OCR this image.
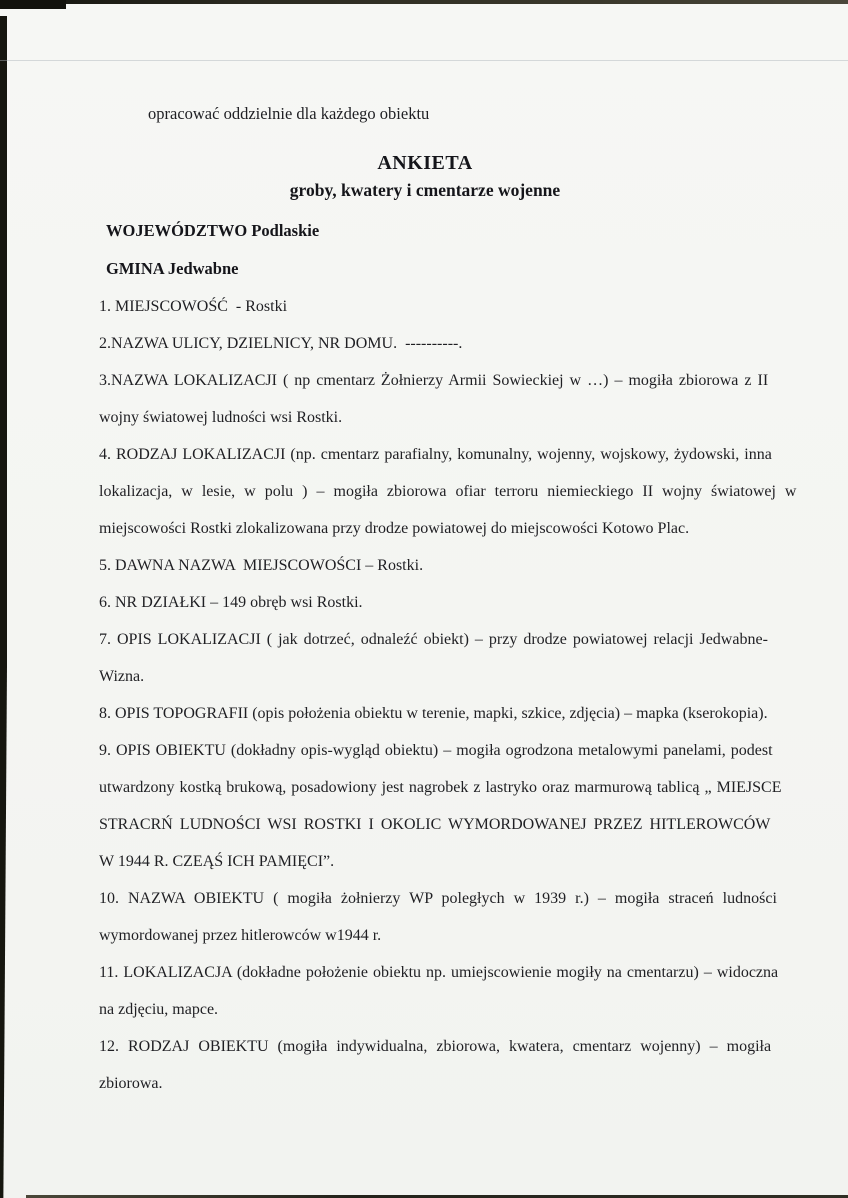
opracować oddzielnie dla każdego obiektu
ANKIETA
groby, kwatery i cmentarze wojenne
WOJEWÓDZTWO Podlaskie
GMINA Jedwabne
1. MIEJSCOWOŚĆ  - Rostki
2.NAZWA ULICY, DZIELNICY, NR DOMU.  ----------.
3.NAZWA LOKALIZACJI ( np cmentarz Żołnierzy Armii Sowieckiej w …) – mogiła zbiorowa z II
wojny światowej ludności wsi Rostki.
4. RODZAJ LOKALIZACJI (np. cmentarz parafialny, komunalny, wojenny, wojskowy, żydowski, inna
lokalizacja, w lesie, w polu ) – mogiła zbiorowa ofiar terroru niemieckiego II wojny światowej w
miejscowości Rostki zlokalizowana przy drodze powiatowej do miejscowości Kotowo Plac.
5. DAWNA NAZWA  MIEJSCOWOŚCI – Rostki.
6. NR DZIAŁKI – 149 obręb wsi Rostki.
7. OPIS LOKALIZACJI ( jak dotrzeć, odnaleźć obiekt) – przy drodze powiatowej relacji Jedwabne-
Wizna.
8. OPIS TOPOGRAFII (opis położenia obiektu w terenie, mapki, szkice, zdjęcia) – mapka (kserokopia).
9. OPIS OBIEKTU (dokładny opis-wygląd obiektu) – mogiła ogrodzona metalowymi panelami, podest
utwardzony kostką brukową, posadowiony jest nagrobek z lastryko oraz marmurową tablicą „ MIEJSCE
STRACRŃ LUDNOŚCI WSI ROSTKI I OKOLIC WYMORDOWANEJ PRZEZ HITLEROWCÓW
W 1944 R. CZEĄŚ ICH PAMIĘCI”.
10. NAZWA OBIEKTU ( mogiła żołnierzy WP poległych w 1939 r.) – mogiła straceń ludności
wymordowanej przez hitlerowców w1944 r.
11. LOKALIZACJA (dokładne położenie obiektu np. umiejscowienie mogiły na cmentarzu) – widoczna
na zdjęciu, mapce.
12. RODZAJ OBIEKTU (mogiła indywidualna, zbiorowa, kwatera, cmentarz wojenny) – mogiła
zbiorowa.
